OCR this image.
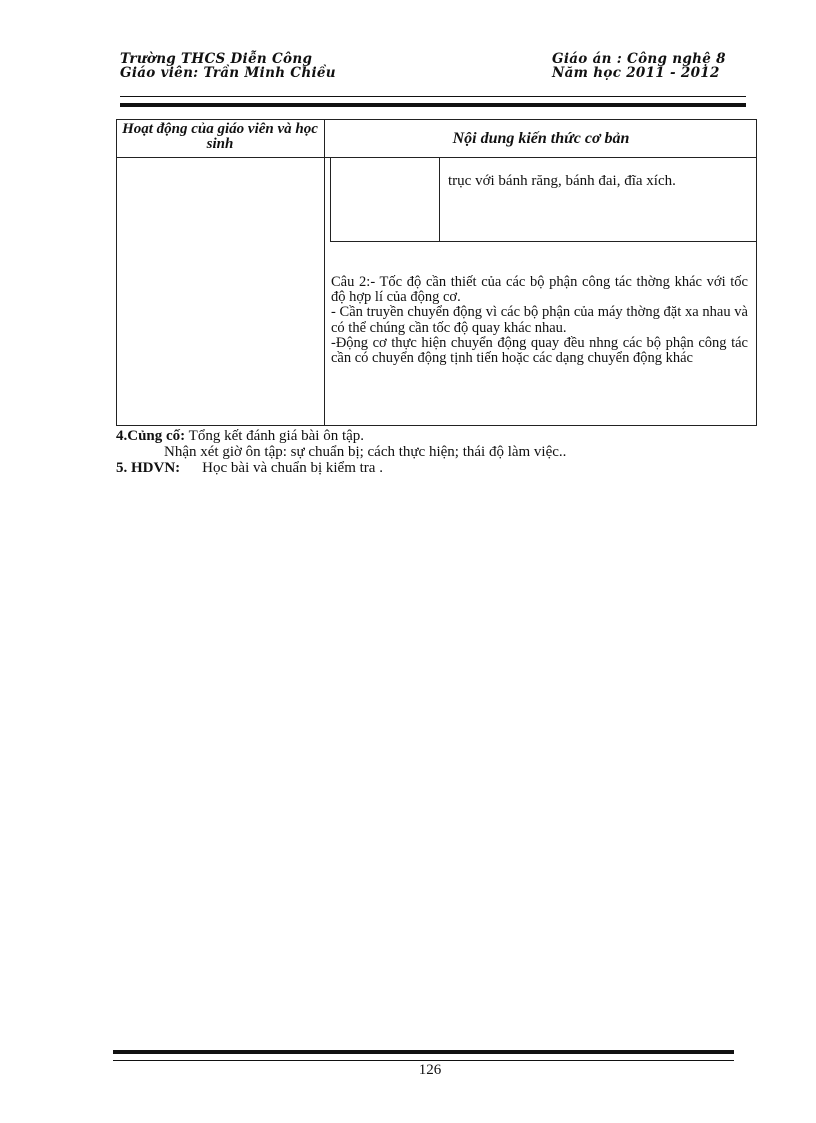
Trường THCS Diễn Công
Giáo viên: Trần Minh Chiều
Giáo án : Công nghệ 8
Năm học 2011 - 2012
Hoạt động của giáo viên và học sinh	Nội dung kiến thức cơ bản
trục với bánh răng, bánh đai, đĩa xích.

Câu 2:- Tốc độ cần thiết của các bộ phận công tác thờng khác với tốc độ hợp lí của động cơ.

- Cần truyền chuyển động vì các bộ phận của máy thờng đặt xa nhau và có thể chúng cần tốc độ quay khác nhau.

-Động cơ thực hiện chuyển động quay đều nhng các bộ phận công tác cần có chuyển động tịnh tiến hoặc các dạng chuyển động khác

4.Củng cố: Tổng kết đánh giá bài ôn tập.
Nhận xét giờ ôn tập: sự chuẩn bị; cách thực hiện; thái độ làm việc..
5. HDVN: Học bài và chuẩn bị kiểm tra .
126
